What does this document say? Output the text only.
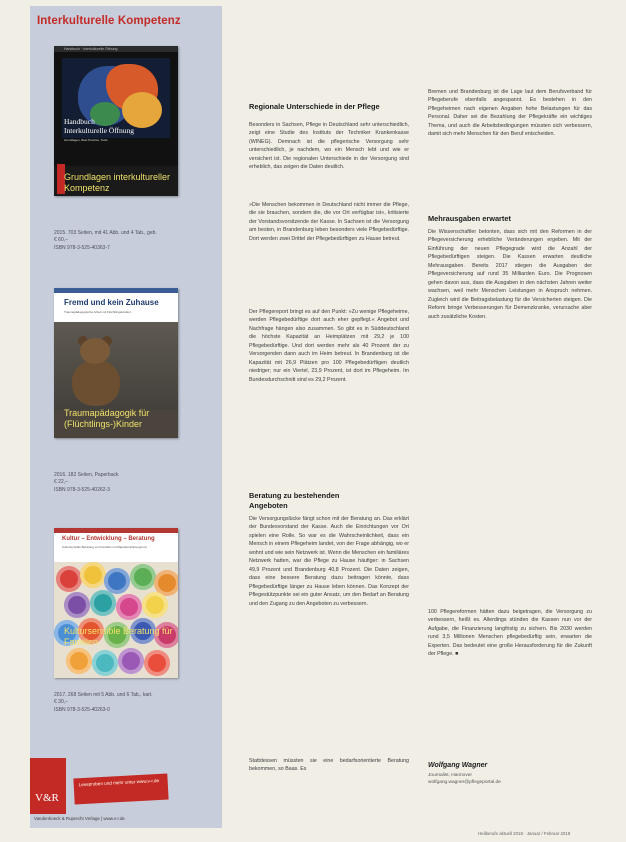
Interkulturelle Kompetenz
Handbuch · Interkulturelle Öffnung
Handbuch
Interkulturelle Öffnung
Grundlagen, Best Practice, Tools
Grundlagen interkultureller
Kompetenz
2015. 703 Seiten, mit 41 Abb. und 4 Tab., geb.
€ 60,–
ISBN 978-3-525-40363-7
Fremd und kein Zuhause
Traumapädagogische Arbeit mit Flüchtlingskindern
Traumapädagogik für
(Flüchtlings-)Kinder
2016. 182 Seiten, Paperback
€ 22,–
ISBN 978-3-525-40262-3
Kultur – Entwicklung – Beratung
Kultursensible Beratung von Familien mit Migrationshintergrund
Kultursensible Beratung für
Familien
2017. 268 Seiten mit 5 Abb. und 6 Tab., kart.
€ 30,–
ISBN 978-3-525-40263-0
Leseproben und mehr unter www.v-r.de
V&R
Vandenhoeck & Ruprecht Verlage | www.v-r.de
Regionale Unterschiede in der Pflege
Besonders in Sachsen, Pflege in Deutschland sehr unterschiedlich, zeigt eine Studie des Instituts der Techniker Krankenkasse (WINEG). Demnach ist die pflegerische Versorgung sehr unterschiedlich, je nachdem, wo ein Mensch lebt und wie er versichert ist. Die regionalen Unterschiede in der Versorgung sind erheblich, das zeigen die Daten deutlich.
»Die Menschen bekommen in Deutschland nicht immer die Pflege, die sie brauchen, sondern die, die vor Ort verfügbar ist«, kritisierte der Vorstandsvorsitzende der Kasse. In Sachsen ist die Versorgung am besten, in Brandenburg leben besonders viele Pflegebedürftige. Dort werden zwei Drittel der Pflegebedürftigen zu Hause betreut.
Der Pflegereport bringt es auf den Punkt: »Zu wenige Pflegeheime, werden Pflegebedürftige dort auch eher gepflegt.« Angebot und Nachfrage hängen also zusammen. So gibt es in Süddeutschland die höchste Kapazität an Heimplätzen mit 29,2 je 100 Pflegebedürftige. Und dort werden mehr als 40 Prozent der zu Versorgenden dann auch im Heim betreut. In Brandenburg ist die Kapazität mit 26,9 Plätzen pro 100 Pflegebedürftigen deutlich niedriger; nur ein Viertel, 23,9 Prozent, ist dort im Pflegeheim. Im Bundesdurchschnitt sind es 29,2 Prozent.
Beratung zu bestehenden
Angeboten
Die Versorgungslücke fängt schon mit der Beratung an. Das erklärt der Bundesvorstand der Kasse. Auch die Einrichtungen vor Ort spielen eine Rolle. So war es die Wahrscheinlichkeit, dass ein Mensch in einem Pflegeheim landet, von der Frage abhängig, wo er wohnt und wie sein Netzwerk ist. Wenn die Menschen ein familiäres Netzwerk hatten, war die Pflege zu Hause häufiger: in Sachsen 49,9 Prozent und Brandenburg 40,8 Prozent. Die Daten zeigen, dass eine bessere Beratung dazu beitragen könnte, dass Pflegebedürftige länger zu Hause leben können. Das Konzept der Pflegestützpunkte sei ein guter Ansatz, um den Bedarf an Beratung und den Zugang zu den Angeboten zu verbessern.
Stattdessen müssten sie eine bedarfsorientierte Beratung bekommen, so Baas. Es
Bremen und Brandenburg ist die Lage laut dem Berufsverband für Pflegeberufe ebenfalls angespannt. Es bestehen in den Pflegeheimen nach eigenen Angaben hohe Belastungen für das Personal. Daher sei die Bezahlung der Pflegekräfte ein wichtiges Thema, und auch die Arbeitsbedingungen müssten sich verbessern, damit sich mehr Menschen für den Beruf entscheiden.
Mehrausgaben erwartet
Die Wissenschaftler betonten, dass sich mit den Reformen in der Pflegeversicherung erhebliche Veränderungen ergeben. Mit der Einführung der neuen Pflegegrade wird die Anzahl der Pflegebedürftigen steigen. Die Kassen erwarten deutliche Mehrausgaben. Bereits 2017 stiegen die Ausgaben der Pflegeversicherung auf rund 35 Milliarden Euro. Die Prognosen gehen davon aus, dass die Ausgaben in den nächsten Jahren weiter wachsen, weil mehr Menschen Leistungen in Anspruch nehmen. Zugleich wird die Beitragsbelastung für die Versicherten steigen. Die Reform bringe Verbesserungen für Demenzkranke, verursache aber auch zusätzliche Kosten.
100 Pflegereformen hätten dazu beigetragen, die Versorgung zu verbessern, heißt es. Allerdings stünden die Kassen nun vor der Aufgabe, die Finanzierung langfristig zu sichern. Bis 2030 werden rund 3,5 Millionen Menschen pflegebedürftig sein, erwarten die Experten. Das bedeutet eine große Herausforderung für die Zukunft der Pflege. ■
Wolfgang Wagner
Journalist, Hannover
wolfgang.wagner@pflegeportal.de
Heilberufe aktuell 2018 · Januar / Februar 2018
